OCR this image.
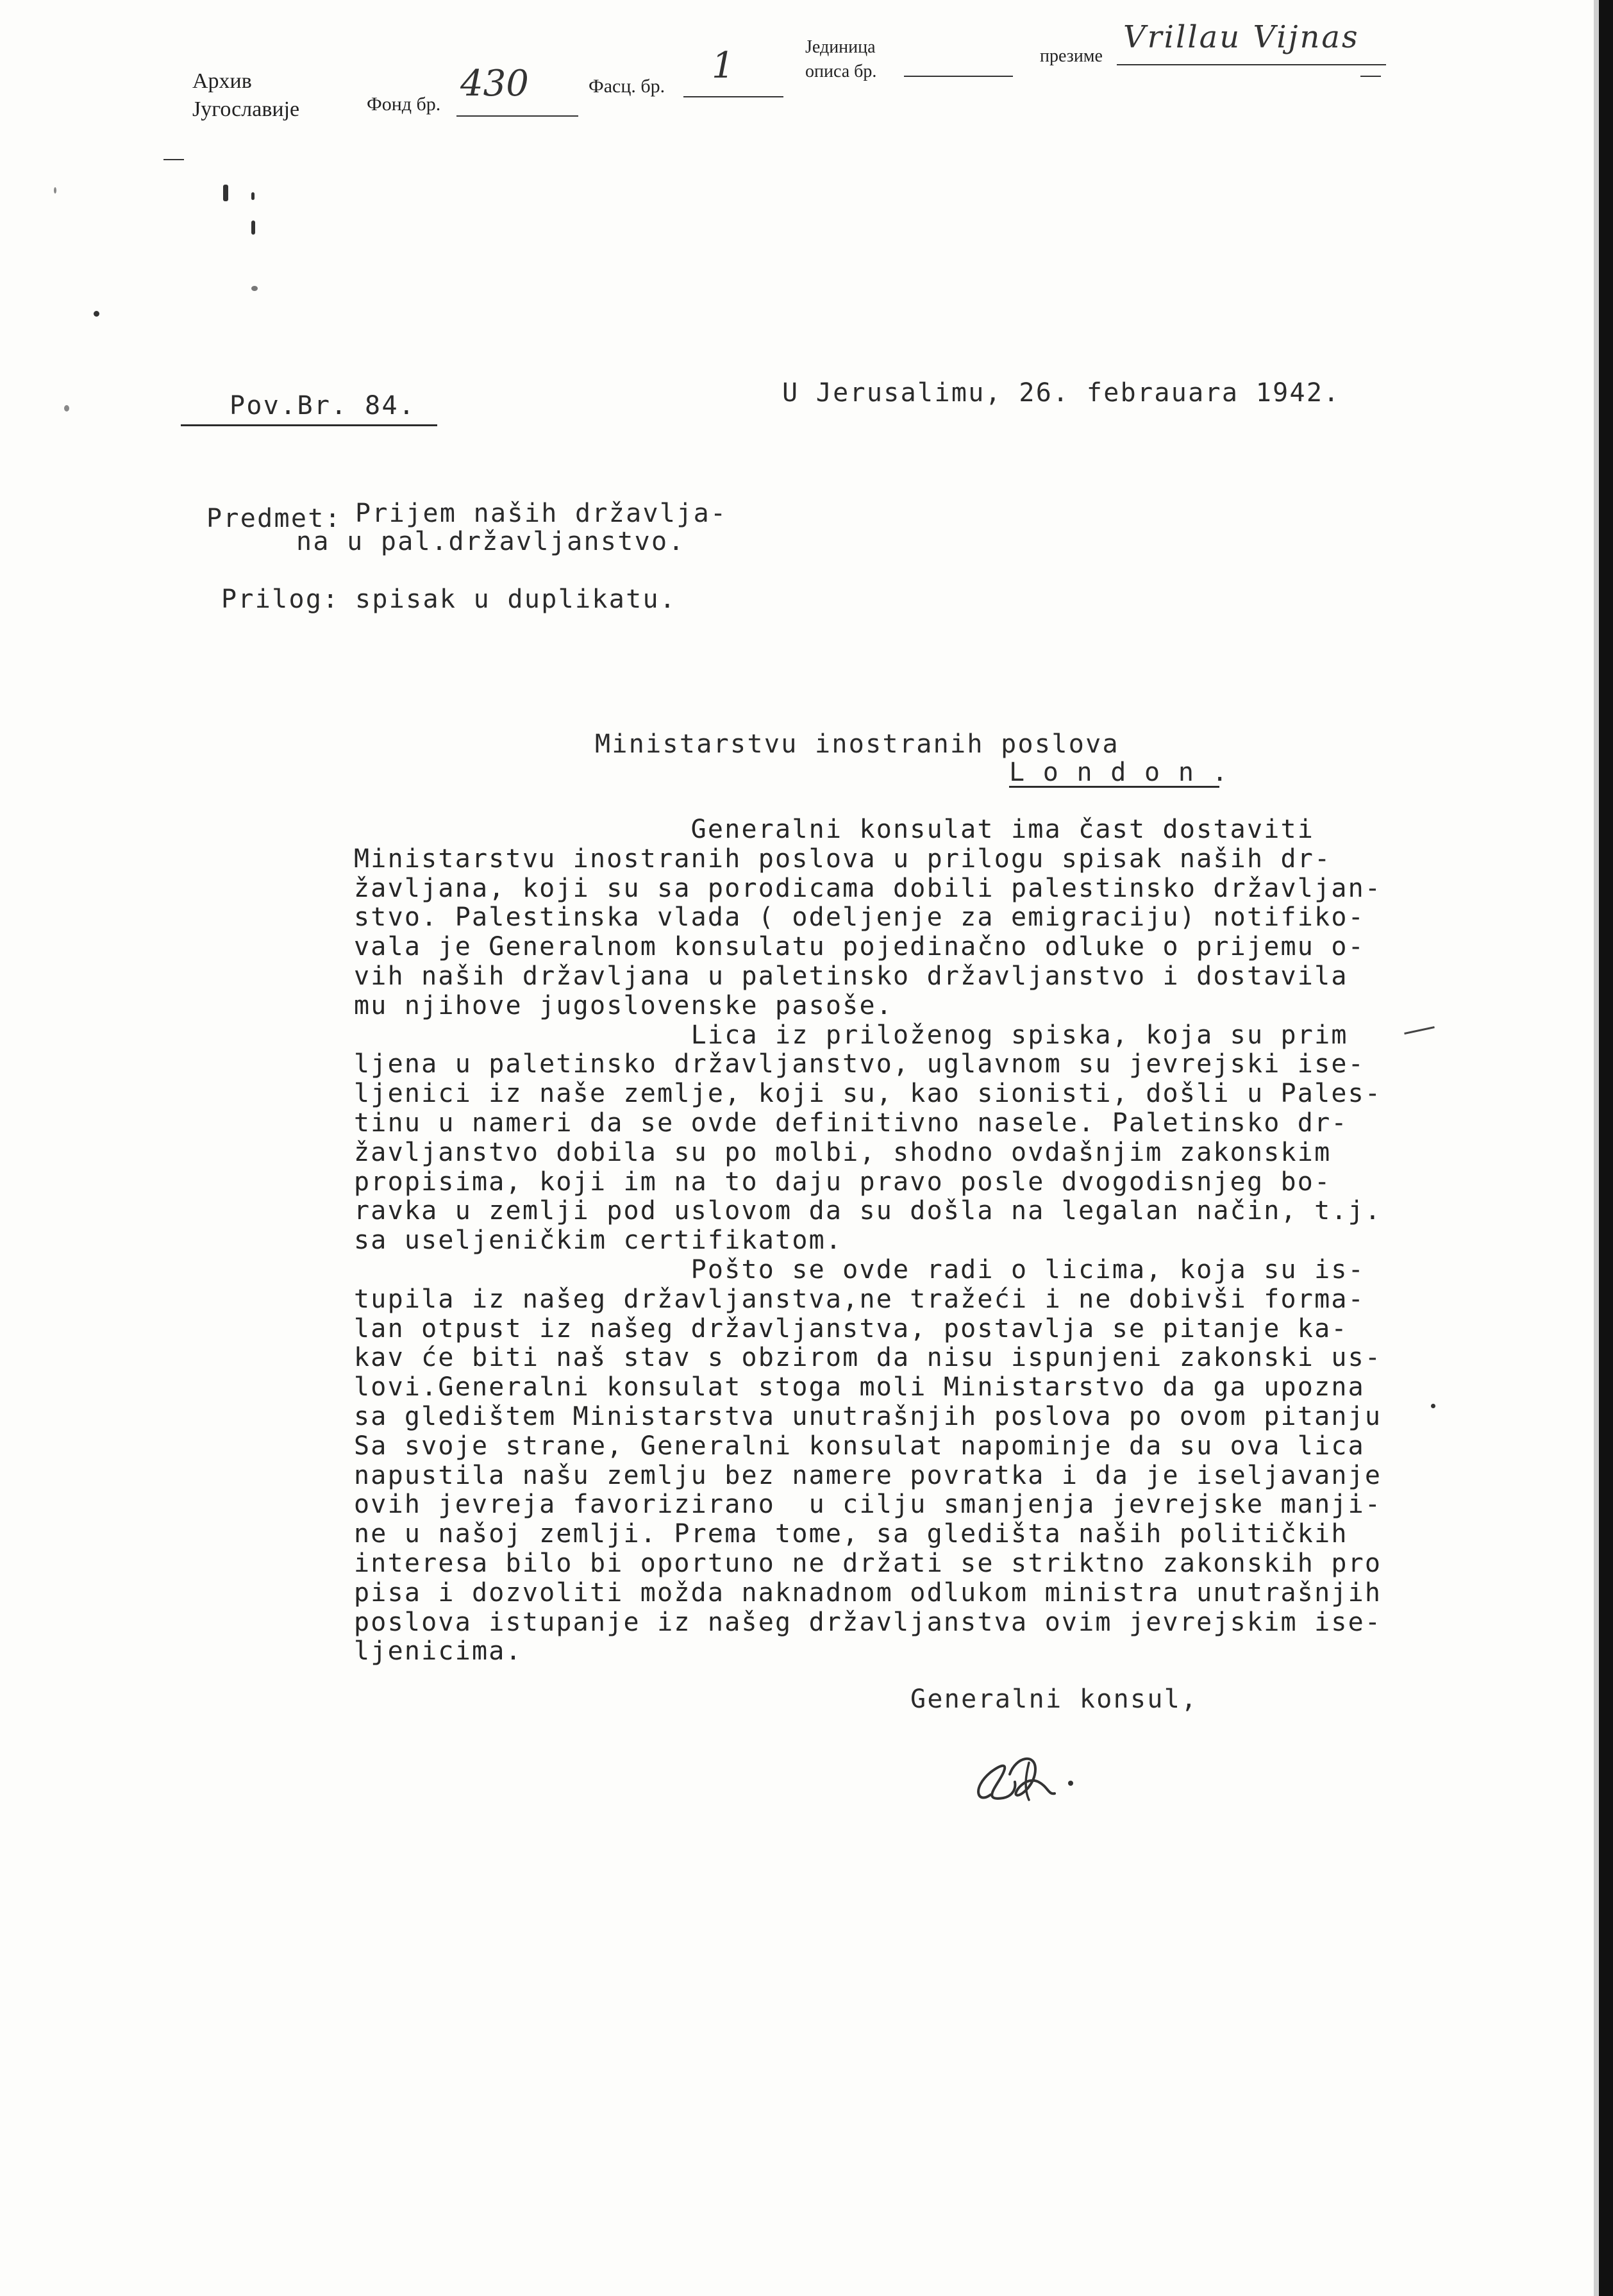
Архив
Југославије	Фонд бр. 430	Фасц. бр. 1	Јединица
описа бр.
презиме
Vrillau Vijnas
Pov.Br. 84.	U Jerusalimu, 26. febrauara 1942.
Predmet: Prijem naših državlja-
na u pal.državljanstvo.
Prilog: spisak u duplikatu.
Ministarstvu inostranih poslova
L o n d o n .
Generalni konsulat ima čast dostaviti
Ministarstvu inostranih poslova u prilogu spisak naših dr-
žavljana, koji su sa porodicama dobili palestinsko državljan-
stvo. Palestinska vlada ( odeljenje za emigraciju) notifiko-
vala je Generalnom konsulatu pojedinačno odluke o prijemu o-
vih naših državljana u paletinsko državljanstvo i dostavila
mu njihove jugoslovenske pasoše.
Lica iz priloženog spiska, koja su prim
ljena u paletinsko državljanstvo, uglavnom su jevrejski ise-
ljenici iz naše zemlje, koji su, kao sionisti, došli u Pales-
tinu u nameri da se ovde definitivno nasele. Paletinsko dr-
žavljanstvo dobila su po molbi, shodno ovdašnjim zakonskim
propisima, koji im na to daju pravo posle dvogodisnjeg bo-
ravka u zemlji pod uslovom da su došla na legalan način, t.j.
sa useljeničkim certifikatom.
Pošto se ovde radi o licima, koja su is-
tupila iz našeg državljanstva,ne tražeći i ne dobivši forma-
lan otpust iz našeg državljanstva, postavlja se pitanje ka-
kav će biti naš stav s obzirom da nisu ispunjeni zakonski us-
lovi.Generalni konsulat stoga moli Ministarstvo da ga upozna
sa gledištem Ministarstva unutrašnjih poslova po ovom pitanju
Sa svoje strane, Generalni konsulat napominje da su ova lica
napustila našu zemlju bez namere povratka i da je iseljavanje
ovih jevreja favorizirano  u cilju smanjenja jevrejske manji-
ne u našoj zemlji. Prema tome, sa gledišta naših političkih
interesa bilo bi oportuno ne držati se striktno zakonskih pro
pisa i dozvoliti možda naknadnom odlukom ministra unutrašnjih
poslova istupanje iz našeg državljanstva ovim jevrejskim ise-
ljenicima.
Generalni konsul,
